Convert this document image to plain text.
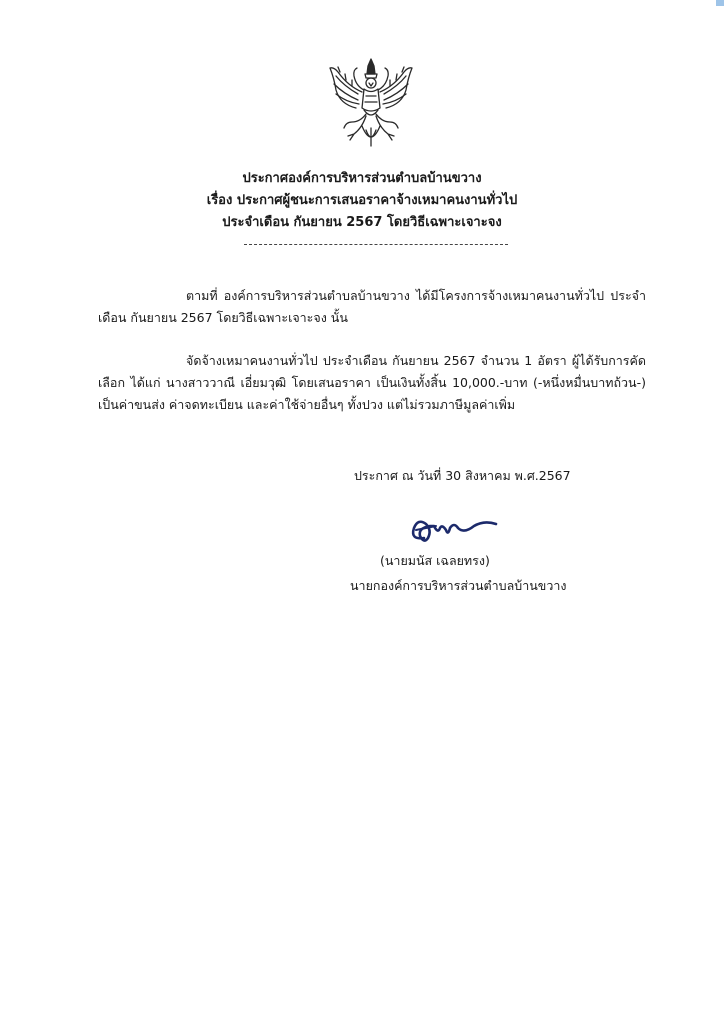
ประกาศองค์การบริหารส่วนตำบลบ้านขวาง
เรื่อง ประกาศผู้ชนะการเสนอราคาจ้างเหมาคนงานทั่วไป
ประจำเดือน กันยายน 2567 โดยวิธีเฉพาะเจาะจง
ตามที่ องค์การบริหารส่วนตำบลบ้านขวาง ได้มีโครงการจ้างเหมาคนงานทั่วไป ประจำเดือน กันยายน 2567 โดยวิธีเฉพาะเจาะจง นั้น
จัดจ้างเหมาคนงานทั่วไป ประจำเดือน กันยายน 2567 จำนวน 1 อัตรา ผู้ได้รับการคัดเลือก ได้แก่ นางสาววาณี เอี่ยมวุฒิ โดยเสนอราคา เป็นเงินทั้งสิ้น 10,000.-บาท (-หนึ่งหมื่นบาทถ้วน-) เป็นค่าขนส่ง ค่าจดทะเบียน และค่าใช้จ่ายอื่นๆ ทั้งปวง แต่ไม่รวมภาษีมูลค่าเพิ่ม
ประกาศ ณ วันที่ 30 สิงหาคม พ.ศ.2567
(นายมนัส เฉลยทรง)
นายกองค์การบริหารส่วนตำบลบ้านขวาง
